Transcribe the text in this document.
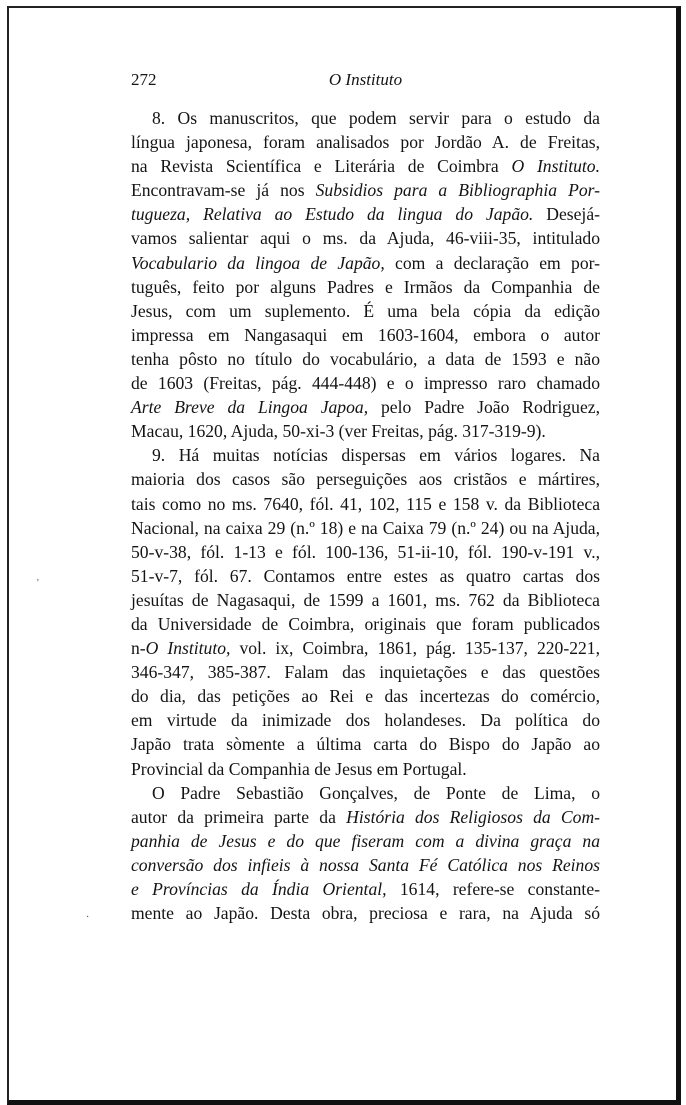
272	O Instituto
8. Os manuscritos, que podem servir para o estudo da
língua japonesa, foram analisados por Jordão A. de Freitas,
na Revista Scientífica e Literária de Coimbra O Instituto.
Encontravam-se já nos Subsidios para a Bibliographia Por-
tugueza, Relativa ao Estudo da lingua do Japão. Desejá-
vamos salientar aqui o ms. da Ajuda, 46-viii-35, intitulado
Vocabulario da lingoa de Japão, com a declaração em por-
tuguês, feito por alguns Padres e Irmãos da Companhia de
Jesus, com um suplemento. É uma bela cópia da edição
impressa em Nangasaqui em 1603-1604, embora o autor
tenha pôsto no título do vocabulário, a data de 1593 e não
de 1603 (Freitas, pág. 444-448) e o impresso raro chamado
Arte Breve da Lingoa Japoa, pelo Padre João Rodriguez,
Macau, 1620, Ajuda, 50-xi-3 (ver Freitas, pág. 317-319-9).
9. Há muitas notícias dispersas em vários logares. Na
maioria dos casos são perseguições aos cristãos e mártires,
tais como no ms. 7640, fól. 41, 102, 115 e 158 v. da Biblioteca
Nacional, na caixa 29 (n.º 18) e na Caixa 79 (n.º 24) ou na Ajuda,
50-v-38, fól. 1-13 e fól. 100-136, 51-ii-10, fól. 190-v-191 v.,
51-v-7, fól. 67. Contamos entre estes as quatro cartas dos
jesuítas de Nagasaqui, de 1599 a 1601, ms. 762 da Biblioteca
da Universidade de Coimbra, originais que foram publicados
n-O Instituto, vol. ix, Coimbra, 1861, pág. 135-137, 220-221,
346-347, 385-387. Falam das inquietações e das questões
do dia, das petições ao Rei e das incertezas do comércio,
em virtude da inimizade dos holandeses. Da política do
Japão trata sòmente a última carta do Bispo do Japão ao
Provincial da Companhia de Jesus em Portugal.
O Padre Sebastião Gonçalves, de Ponte de Lima, o
autor da primeira parte da História dos Religiosos da Com-
panhia de Jesus e do que fiseram com a divina graça na
conversão dos infieis à nossa Santa Fé Católica nos Reinos
e Províncias da Índia Oriental, 1614, refere-se constante-
mente ao Japão. Desta obra, preciosa e rara, na Ajuda só
'
·
